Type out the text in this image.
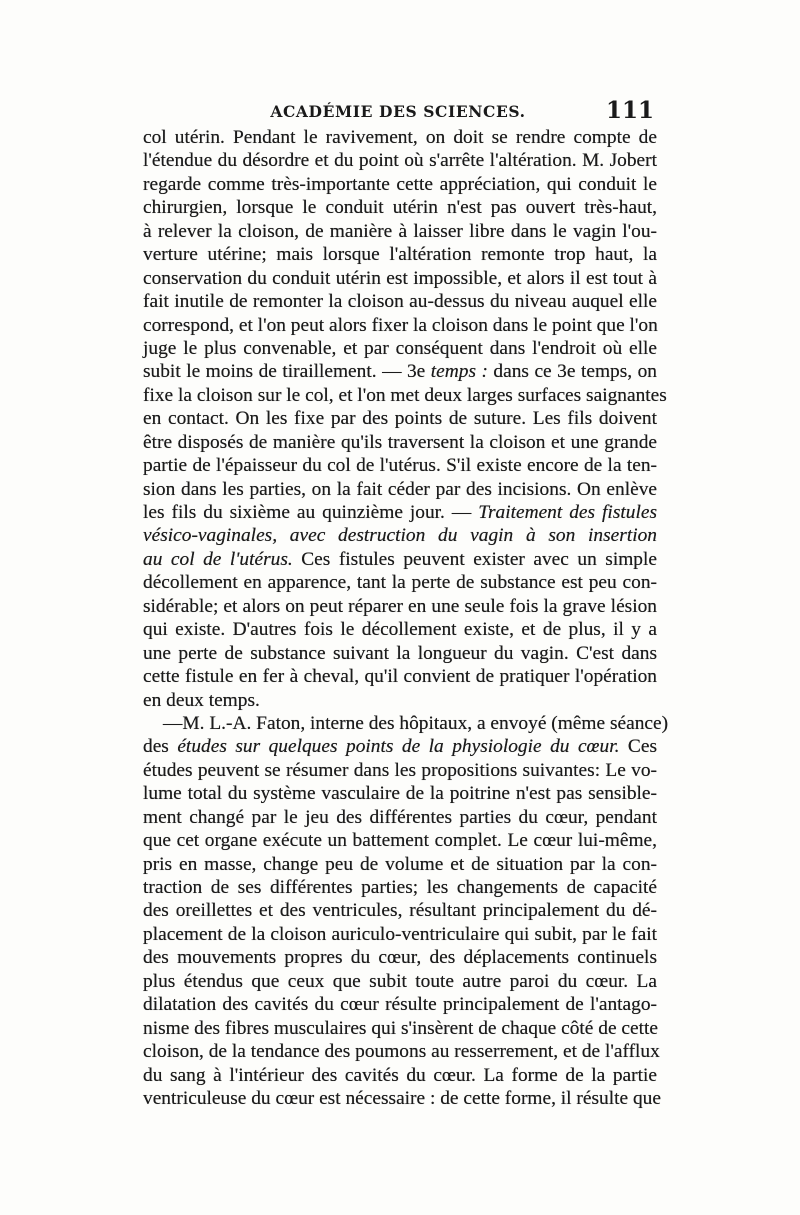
ACADÉMIE DES SCIENCES.	111
col utérin. Pendant le ravivement, on doit se rendre compte de
l'étendue du désordre et du point où s'arrête l'altération. M. Jobert
regarde comme très-importante cette appréciation, qui conduit le
chirurgien, lorsque le conduit utérin n'est pas ouvert très-haut,
à relever la cloison, de manière à laisser libre dans le vagin l'ou-
verture utérine; mais lorsque l'altération remonte trop haut, la
conservation du conduit utérin est impossible, et alors il est tout à
fait inutile de remonter la cloison au-dessus du niveau auquel elle
correspond, et l'on peut alors fixer la cloison dans le point que l'on
juge le plus convenable, et par conséquent dans l'endroit où elle
subit le moins de tiraillement. — 3e temps : dans ce 3e temps, on
fixe la cloison sur le col, et l'on met deux larges surfaces saignantes
en contact. On les fixe par des points de suture. Les fils doivent
être disposés de manière qu'ils traversent la cloison et une grande
partie de l'épaisseur du col de l'utérus. S'il existe encore de la ten-
sion dans les parties, on la fait céder par des incisions. On enlève
les fils du sixième au quinzième jour. — Traitement des fistules
vésico-vaginales, avec destruction du vagin à son insertion
au col de l'utérus. Ces fistules peuvent exister avec un simple
décollement en apparence, tant la perte de substance est peu con-
sidérable; et alors on peut réparer en une seule fois la grave lésion
qui existe. D'autres fois le décollement existe, et de plus, il y a
une perte de substance suivant la longueur du vagin. C'est dans
cette fistule en fer à cheval, qu'il convient de pratiquer l'opération
en deux temps.
—M. L.-A. Faton, interne des hôpitaux, a envoyé (même séance)
des études sur quelques points de la physiologie du cœur. Ces
études peuvent se résumer dans les propositions suivantes: Le vo-
lume total du système vasculaire de la poitrine n'est pas sensible-
ment changé par le jeu des différentes parties du cœur, pendant
que cet organe exécute un battement complet. Le cœur lui-même,
pris en masse, change peu de volume et de situation par la con-
traction de ses différentes parties; les changements de capacité
des oreillettes et des ventricules, résultant principalement du dé-
placement de la cloison auriculo-ventriculaire qui subit, par le fait
des mouvements propres du cœur, des déplacements continuels
plus étendus que ceux que subit toute autre paroi du cœur. La
dilatation des cavités du cœur résulte principalement de l'antago-
nisme des fibres musculaires qui s'insèrent de chaque côté de cette
cloison, de la tendance des poumons au resserrement, et de l'afflux
du sang à l'intérieur des cavités du cœur. La forme de la partie
ventriculeuse du cœur est nécessaire : de cette forme, il résulte que
